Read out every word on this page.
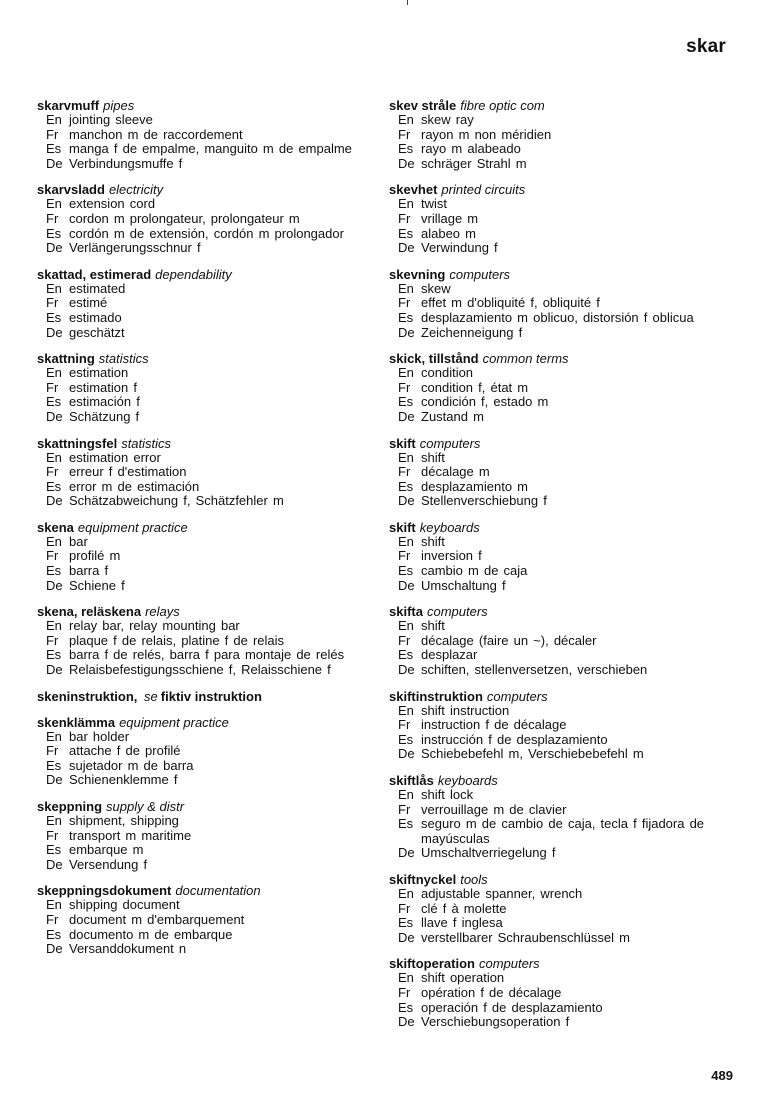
skar
skarvmuff pipes
En jointing sleeve
Fr manchon m de raccordement
Es manga f de empalme, manguito m de empalme
De Verbindungsmuffe f
skarvsladd electricity
En extension cord
Fr cordon m prolongateur, prolongateur m
Es cordón m de extensión, cordón m prolongador
De Verlängerungsschnur f
skattad, estimerad dependability
En estimated
Fr estimé
Es estimado
De geschätzt
skattning statistics
En estimation
Fr estimation f
Es estimación f
De Schätzung f
skattningsfel statistics
En estimation error
Fr erreur f d'estimation
Es error m de estimación
De Schätzabweichung f, Schätzfehler m
skena equipment practice
En bar
Fr profilé m
Es barra f
De Schiene f
skena, reläskena relays
En relay bar, relay mounting bar
Fr plaque f de relais, platine f de relais
Es barra f de relés, barra f para montaje de relés
De Relaisbefestigungsschiene f, Relaisschiene f
skeninstruktion, se fiktiv instruktion
skenklämma equipment practice
En bar holder
Fr attache f de profilé
Es sujetador m de barra
De Schienenklemme f
skeppning supply & distr
En shipment, shipping
Fr transport m maritime
Es embarque m
De Versendung f
skeppningsdokument documentation
En shipping document
Fr document m d'embarquement
Es documento m de embarque
De Versanddokument n
skev stråle fibre optic com
En skew ray
Fr rayon m non méridien
Es rayo m alabeado
De schräger Strahl m
skevhet printed circuits
En twist
Fr vrillage m
Es alabeo m
De Verwindung f
skevning computers
En skew
Fr effet m d'obliquité f, obliquité f
Es desplazamiento m oblicuo, distorsión f oblicua
De Zeichenneigung f
skick, tillstånd common terms
En condition
Fr condition f, état m
Es condición f, estado m
De Zustand m
skift computers
En shift
Fr décalage m
Es desplazamiento m
De Stellenverschiebung f
skift keyboards
En shift
Fr inversion f
Es cambio m de caja
De Umschaltung f
skifta computers
En shift
Fr décalage (faire un ~), décaler
Es desplazar
De schiften, stellenversetzen, verschieben
skiftinstruktion computers
En shift instruction
Fr instruction f de décalage
Es instrucción f de desplazamiento
De Schiebebefehl m, Verschiebebefehl m
skiftlås keyboards
En shift lock
Fr verrouillage m de clavier
Es seguro m de cambio de caja, tecla f fijadora de mayúsculas
De Umschaltverriegelung f
skiftnyckel tools
En adjustable spanner, wrench
Fr clé f à molette
Es llave f inglesa
De verstellbarer Schraubenschlüssel m
skiftoperation computers
En shift operation
Fr opération f de décalage
Es operación f de desplazamiento
De Verschiebungsoperation f
489
